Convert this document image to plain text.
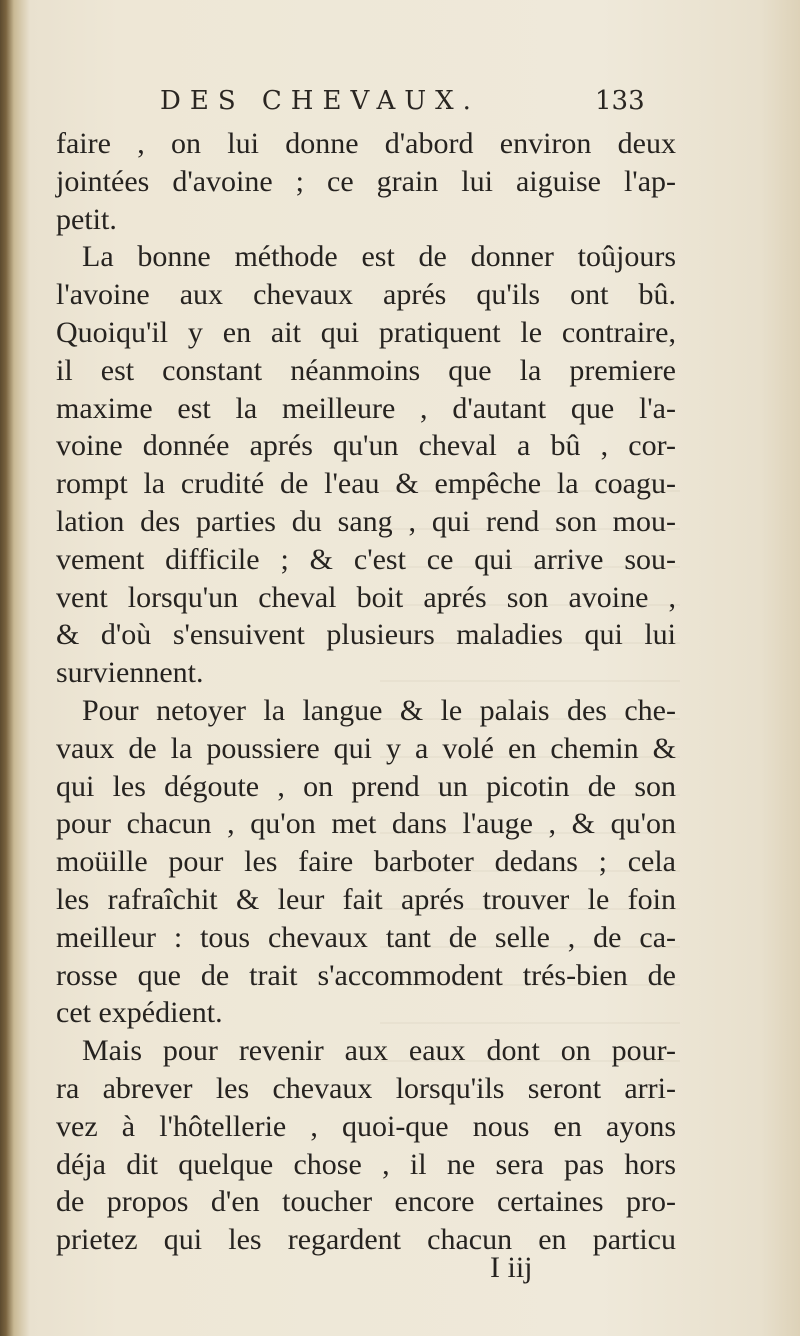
DES CHEVAUX.	133
faire , on lui donne d'abord environ deux
jointées d'avoine ; ce grain lui aiguise l'ap-
petit.
La bonne méthode est de donner toûjours
l'avoine aux chevaux aprés qu'ils ont bû.
Quoiqu'il y en ait qui pratiquent le contraire,
il est constant néanmoins que la premiere
maxime est la meilleure , d'autant que l'a-
voine donnée aprés qu'un cheval a bû , cor-
rompt la crudité de l'eau & empêche la coagu-
lation des parties du sang , qui rend son mou-
vement difficile ; & c'est ce qui arrive sou-
vent lorsqu'un cheval boit aprés son avoine ,
& d'où s'ensuivent plusieurs maladies qui lui
surviennent.
Pour netoyer la langue & le palais des che-
vaux de la poussiere qui y a volé en chemin &
qui les dégoute , on prend un picotin de son
pour chacun , qu'on met dans l'auge , & qu'on
moüille pour les faire barboter dedans ; cela
les rafraîchit & leur fait aprés trouver le foin
meilleur : tous chevaux tant de selle , de ca-
rosse que de trait s'accommodent trés-bien de
cet expédient.
Mais pour revenir aux eaux dont on pour-
ra abrever les chevaux lorsqu'ils seront arri-
vez à l'hôtellerie , quoi-que nous en ayons
déja dit quelque chose , il ne sera pas hors
de propos d'en toucher encore certaines pro-
prietez qui les regardent chacun en particu
I iij
